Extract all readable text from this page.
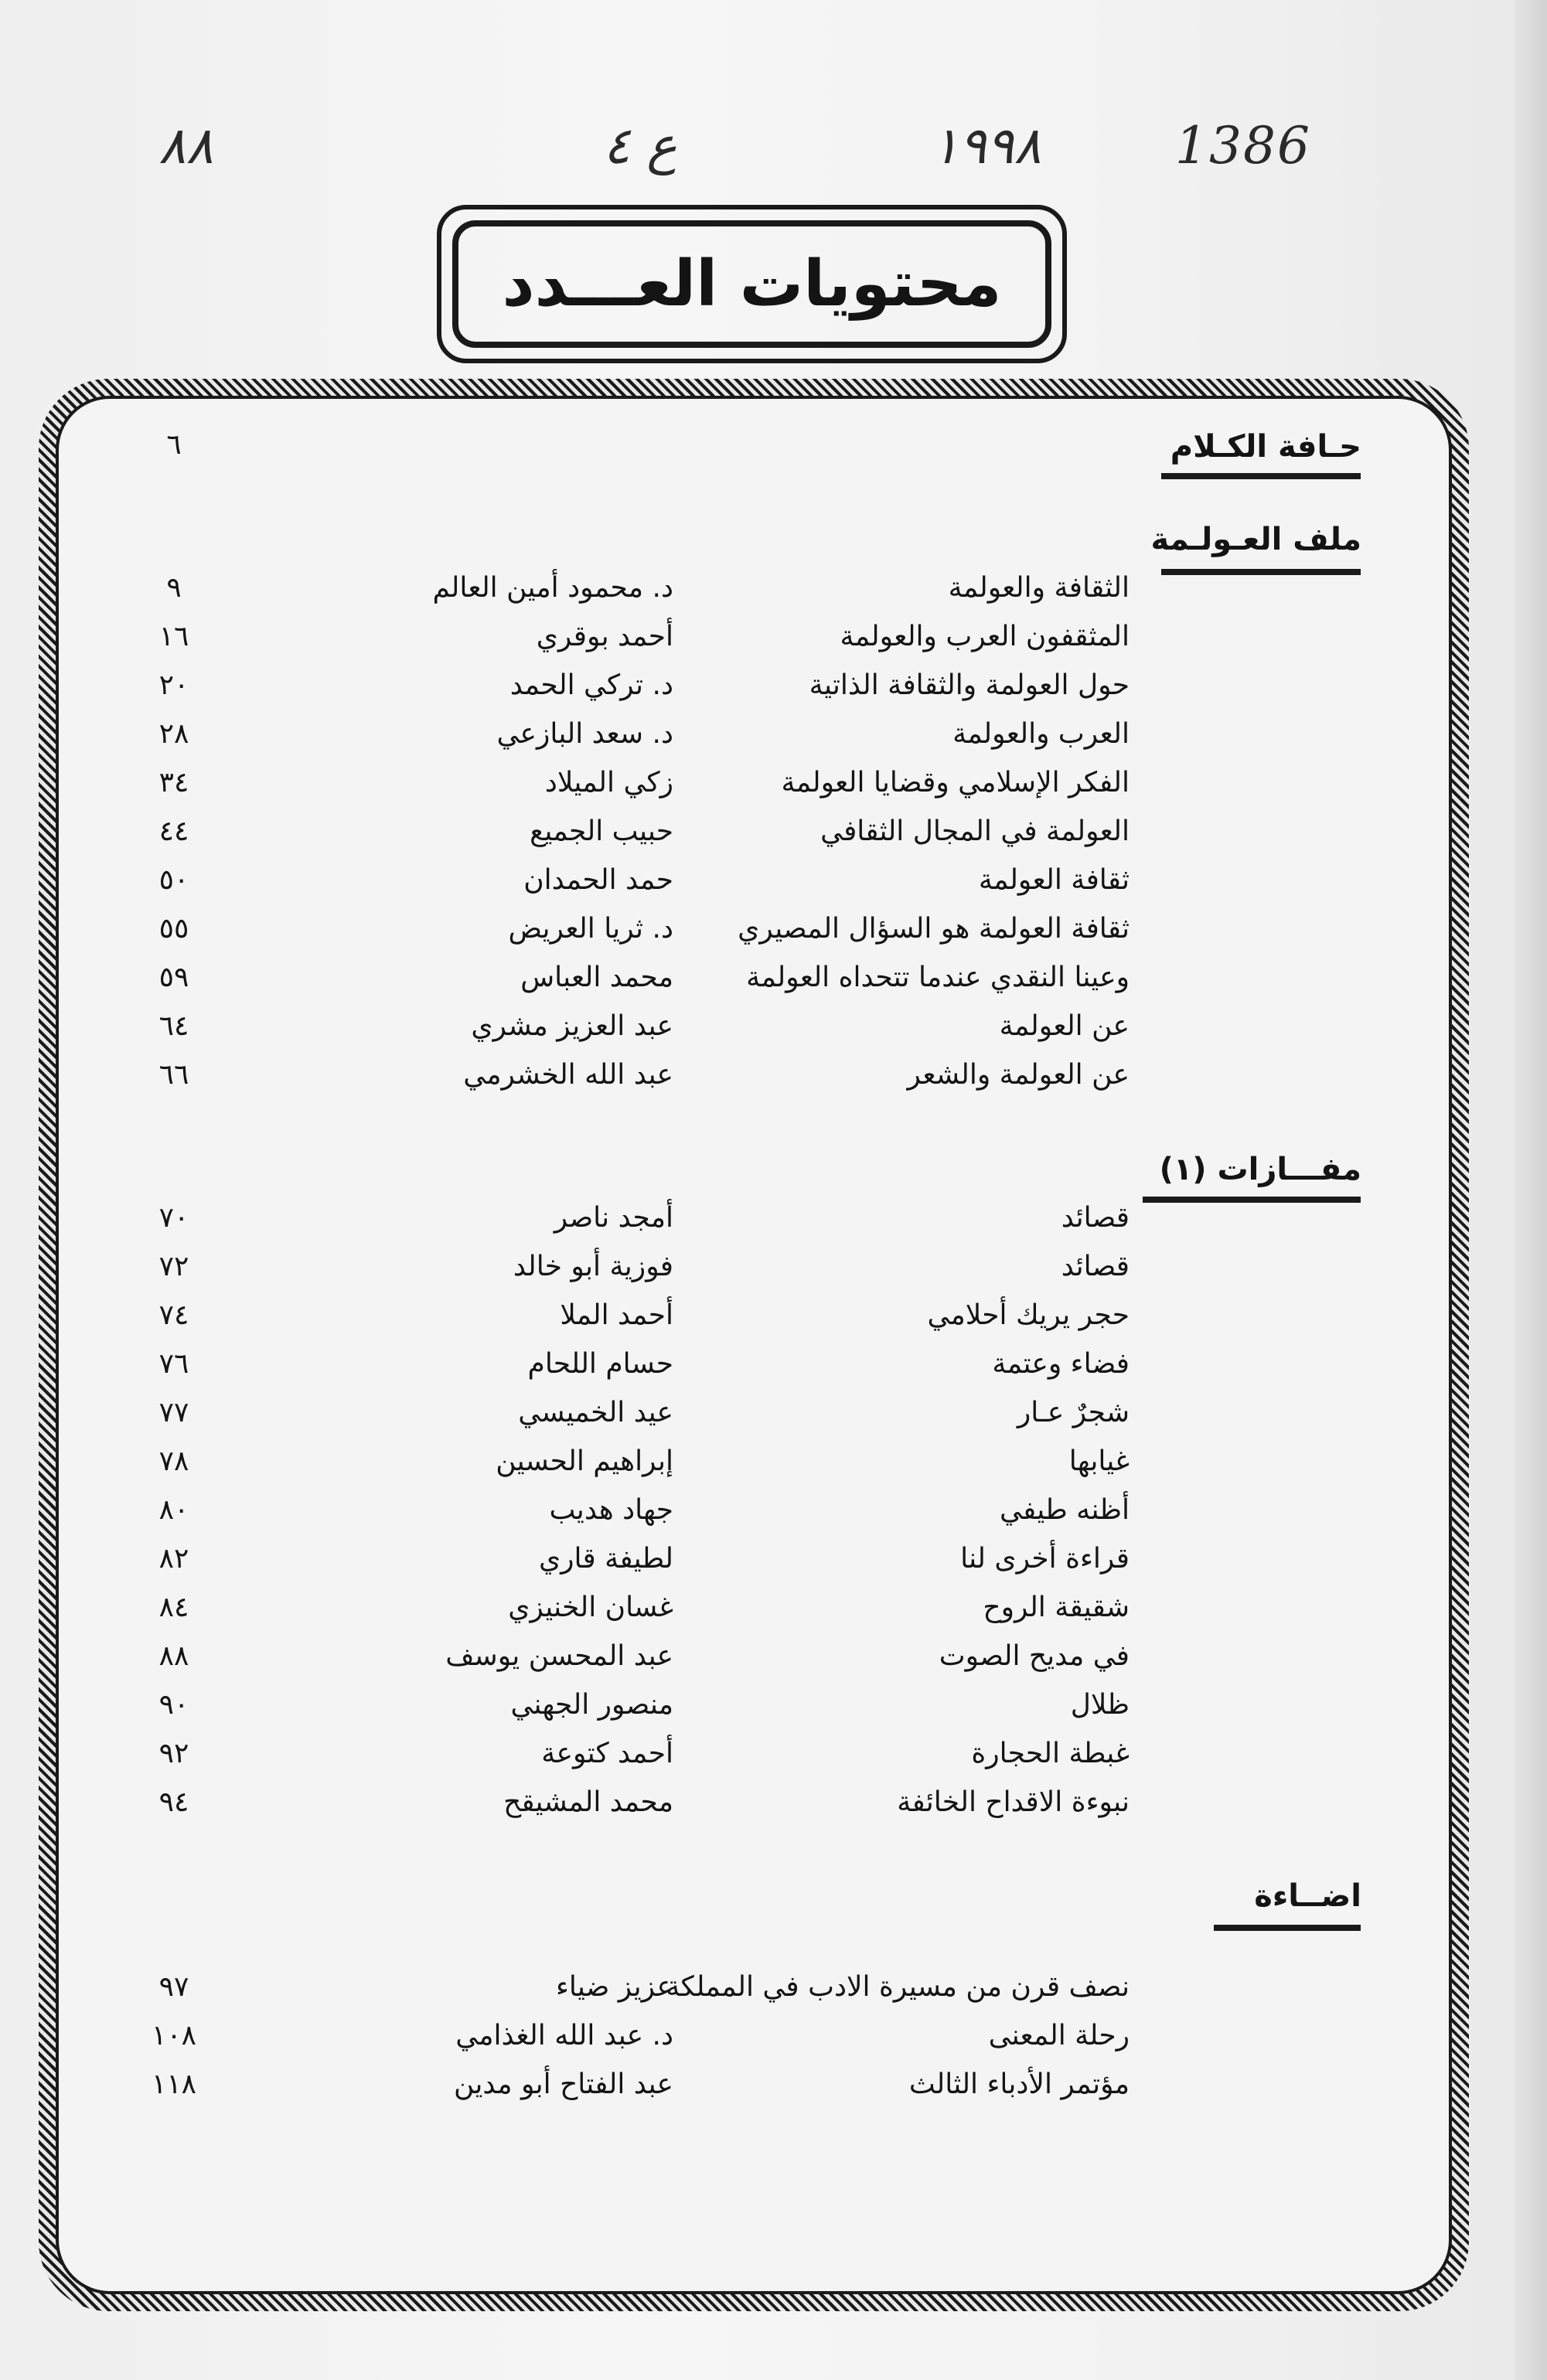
1386
١٩٩٨
ع ٤
٨٨
محتويات العـــدد
حـافة الكـلام
٦
ملف العـولـمة
الثقافة والعولمة
د. محمود أمين العالم
٩
المثقفون العرب والعولمة
أحمد بوقري
١٦
حول العولمة والثقافة الذاتية
د. تركي الحمد
٢٠
العرب والعولمة
د. سعد البازعي
٢٨
الفكر الإسلامي وقضايا العولمة
زكي الميلاد
٣٤
العولمة في المجال الثقافي
حبيب الجميع
٤٤
ثقافة العولمة
حمد الحمدان
٥٠
ثقافة العولمة هو السؤال المصيري
د. ثريا العريض
٥٥
وعينا النقدي عندما تتحداه العولمة
محمد العباس
٥٩
عن العولمة
عبد العزيز مشري
٦٤
عن العولمة والشعر
عبد الله الخشرمي
٦٦
مفـــازات (١)
قصائد
أمجد ناصر
٧٠
قصائد
فوزية أبو خالد
٧٢
حجر يريك أحلامي
أحمد الملا
٧٤
فضاء وعتمة
حسام اللحام
٧٦
شجرٌ عـار
عيد الخميسي
٧٧
غيابها
إبراهيم الحسين
٧٨
أظنه طيفي
جهاد هديب
٨٠
قراءة أخرى لنا
لطيفة قاري
٨٢
شقيقة الروح
غسان الخنيزي
٨٤
في مديح الصوت
عبد المحسن يوسف
٨٨
ظلال
منصور الجهني
٩٠
غبطة الحجارة
أحمد كتوعة
٩٢
نبوءة الاقداح الخائفة
محمد المشيقح
٩٤
اضــاءة
نصف قرن من مسيرة الادب في المملكة
عزيز ضياء
٩٧
رحلة المعنى
د. عبد الله الغذامي
١٠٨
مؤتمر الأدباء الثالث
عبد الفتاح أبو مدين
١١٨
